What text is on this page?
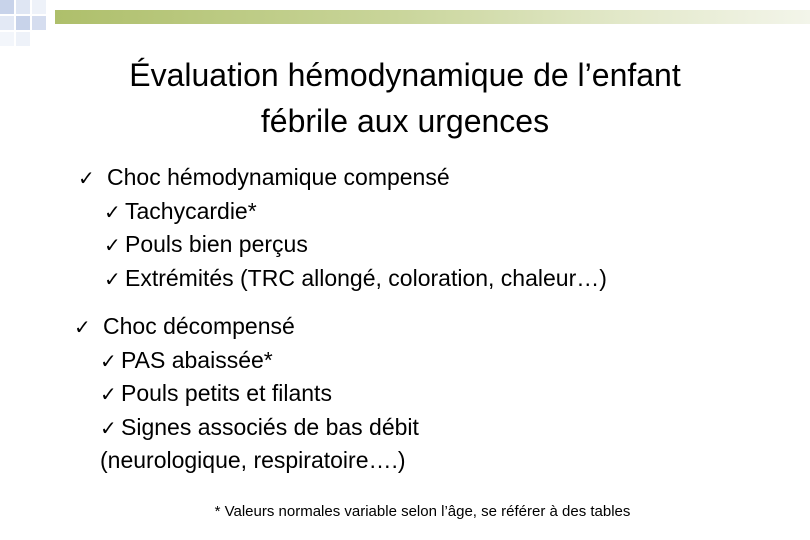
Évaluation hémodynamique de l’enfant
fébrile aux urgences
✓ Choc hémodynamique compensé
✓ Tachycardie*
✓ Pouls bien perçus
✓ Extrémités (TRC allongé, coloration, chaleur…)
✓ Choc décompensé
✓ PAS abaissée*
✓ Pouls petits et filants
✓ Signes associés de bas débit
(neurologique, respiratoire….)
* Valeurs normales variable selon l’âge, se référer à des tables
